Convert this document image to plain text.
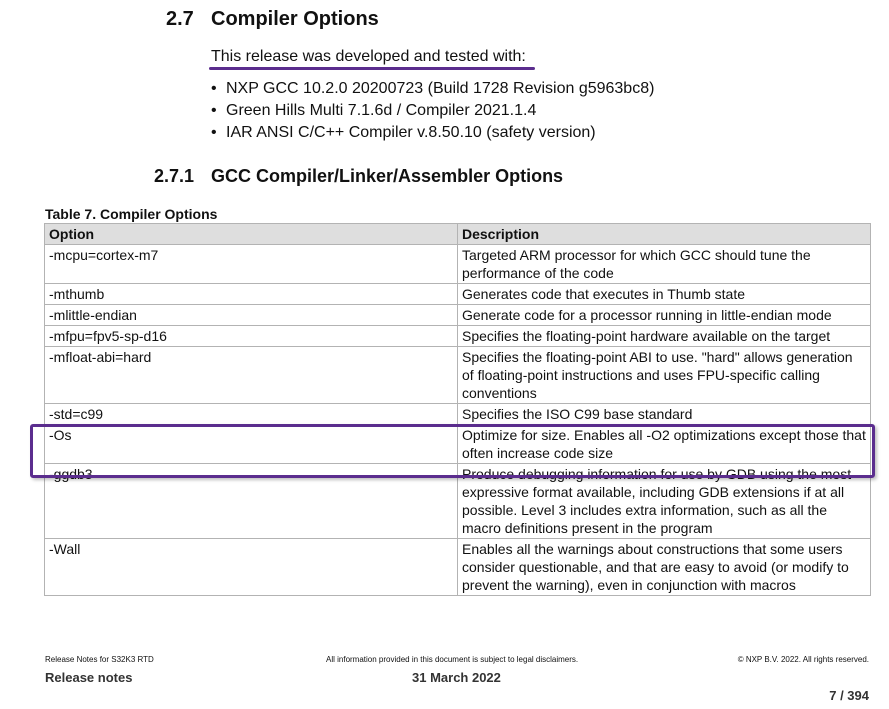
2.7 Compiler Options
This release was developed and tested with:
• NXP GCC 10.2.0 20200723 (Build 1728 Revision g5963bc8)
• Green Hills Multi 7.1.6d / Compiler 2021.1.4
• IAR ANSI C/C++ Compiler v.8.50.10 (safety version)
2.7.1 GCC Compiler/Linker/Assembler Options
Table 7. Compiler Options
Option	Description
-mcpu=cortex-m7	Targeted ARM processor for which GCC should tune the performance of the code
-mthumb	Generates code that executes in Thumb state
-mlittle-endian	Generate code for a processor running in little-endian mode
-mfpu=fpv5-sp-d16	Specifies the floating-point hardware available on the target
-mfloat-abi=hard	Specifies the floating-point ABI to use. "hard" allows generation of floating-point instructions and uses FPU-specific calling conventions
-std=c99	Specifies the ISO C99 base standard
-Os	Optimize for size. Enables all -O2 optimizations except those that often increase code size
-ggdb3	Produce debugging information for use by GDB using the most expressive format available, including GDB extensions if at all possible. Level 3 includes extra information, such as all the macro definitions present in the program
-Wall	Enables all the warnings about constructions that some users consider questionable, and that are easy to avoid (or modify to prevent the warning), even in conjunction with macros
Release Notes for S32K3 RTD	All information provided in this document is subject to legal disclaimers.	© NXP B.V. 2022. All rights reserved.
Release notes	31 March 2022
7 / 394
